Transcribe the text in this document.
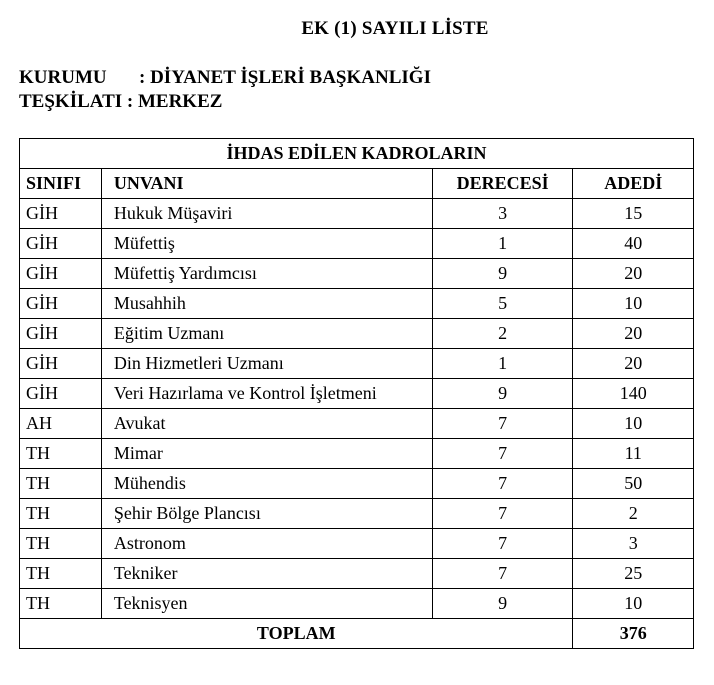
EK (1) SAYILI LİSTE
KURUMU : DİYANET İŞLERİ BAŞKANLIĞI
TEŞKİLATI : MERKEZ
İHDAS EDİLEN KADROLARIN			
SINIFI	UNVANI	DERECESİ	ADEDİ
GİH	Hukuk Müşaviri	3	15
GİH	Müfettiş	1	40
GİH	Müfettiş Yardımcısı	9	20
GİH	Musahhih	5	10
GİH	Eğitim Uzmanı	2	20
GİH	Din Hizmetleri Uzmanı	1	20
GİH	Veri Hazırlama ve Kontrol İşletmeni	9	140
AH	Avukat	7	10
TH	Mimar	7	11
TH	Mühendis	7	50
TH	Şehir Bölge Plancısı	7	2
TH	Astronom	7	3
TH	Tekniker	7	25
TH	Teknisyen	9	10
TOPLAM			376
